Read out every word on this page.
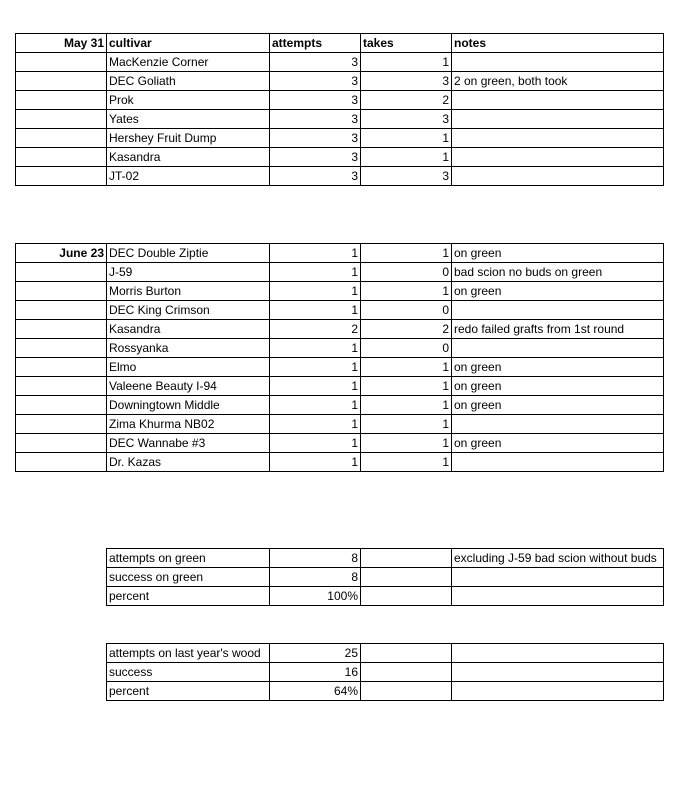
May 31	cultivar	attempts	takes	notes
	MacKenzie Corner	3	1	
	DEC Goliath	3	3	2 on green, both took
	Prok	3	2	
	Yates	3	3	
	Hershey Fruit Dump	3	1	
	Kasandra	3	1	
	JT-02	3	3	
June 23	DEC Double Ziptie	1	1	on green
	J-59	1	0	bad scion no buds on green
	Morris Burton	1	1	on green
	DEC King Crimson	1	0	
	Kasandra	2	2	redo failed grafts from 1st round
	Rossyanka	1	0	
	Elmo	1	1	on green
	Valeene Beauty I-94	1	1	on green
	Downingtown Middle	1	1	on green
	Zima Khurma NB02	1	1	
	DEC Wannabe #3	1	1	on green
	Dr. Kazas	1	1	
attempts on green	8		excluding J-59 bad scion without buds
success on green	8		
percent	100%		
attempts on last year's wood	25		
success	16		
percent	64%		
